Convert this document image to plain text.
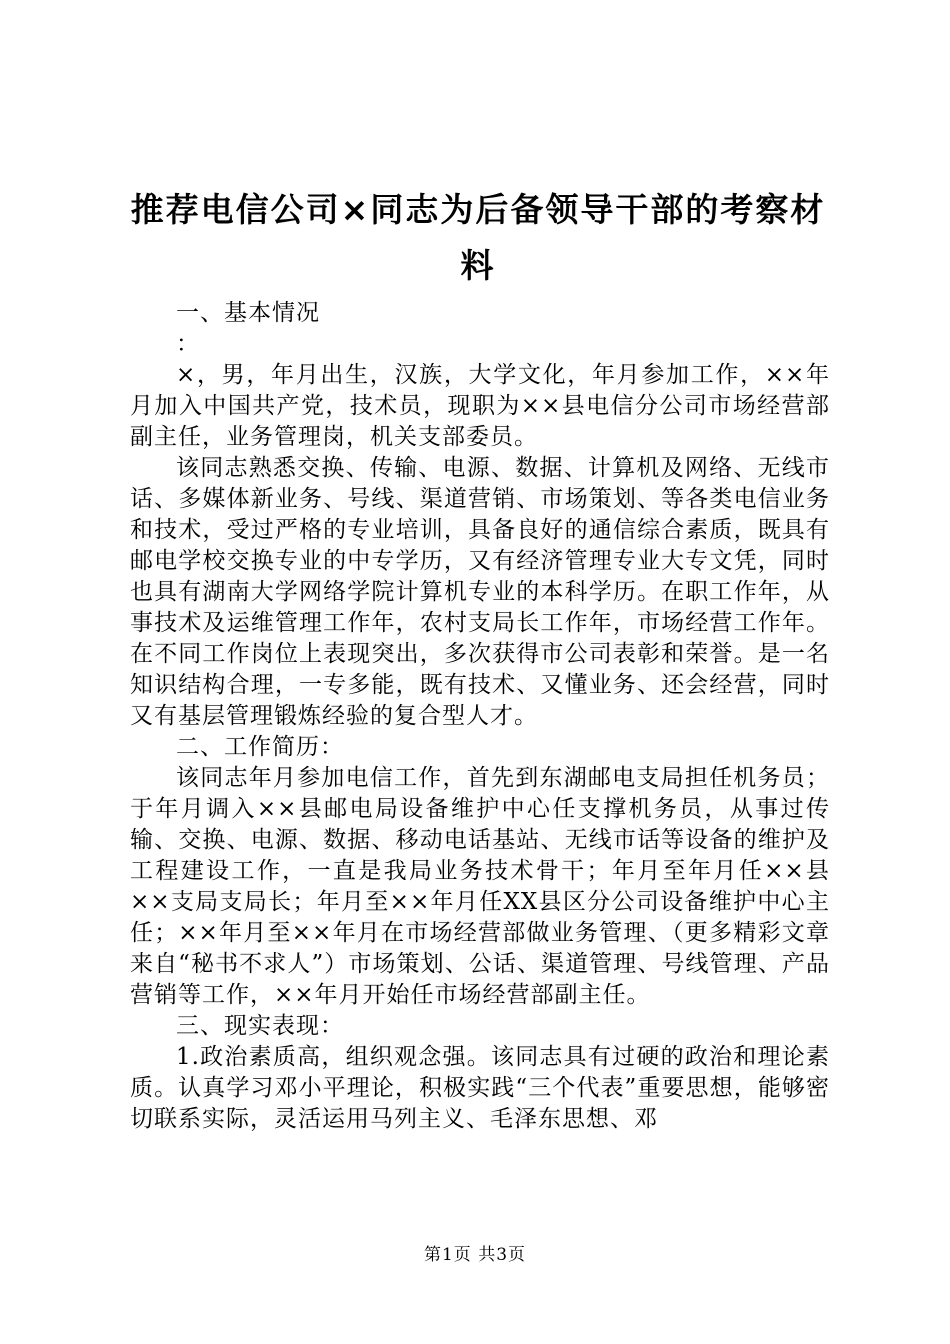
推荐电信公司×同志为后备领导干部的考察材料

一、基本情况

：

×，男，年月出生，汉族，大学文化，年月参加工作，××年月加入中国共产党，技术员，现职为××县电信分公司市场经营部副主任，业务管理岗，机关支部委员。

该同志熟悉交换、传输、电源、数据、计算机及网络、无线市话、多媒体新业务、号线、渠道营销、市场策划、等各类电信业务和技术，受过严格的专业培训，具备良好的通信综合素质，既具有邮电学校交换专业的中专学历，又有经济管理专业大专文凭，同时也具有湖南大学网络学院计算机专业的本科学历。在职工作年，从事技术及运维管理工作年，农村支局长工作年，市场经营工作年。在不同工作岗位上表现突出，多次获得市公司表彰和荣誉。是一名知识结构合理，一专多能，既有技术、又懂业务、还会经营，同时又有基层管理锻炼经验的复合型人才。

二、工作简历：

该同志年月参加电信工作，首先到东湖邮电支局担任机务员；于年月调入××县邮电局设备维护中心任支撑机务员，从事过传输、交换、电源、数据、移动电话基站、无线市话等设备的维护及工程建设工作，一直是我局业务技术骨干；年月至年月任××县××支局支局长；年月至××年月任XX县区分公司设备维护中心主任；××年月至××年月在市场经营部做业务管理、（更多精彩文章来自“秘书不求人”）市场策划、公话、渠道管理、号线管理、产品营销等工作，××年月开始任市场经营部副主任。

三、现实表现：

1.政治素质高，组织观念强。该同志具有过硬的政治和理论素质。认真学习邓小平理论，积极实践“三个代表”重要思想，能够密切联系实际，灵活运用马列主义、毛泽东思想、邓

第1页 共3页
